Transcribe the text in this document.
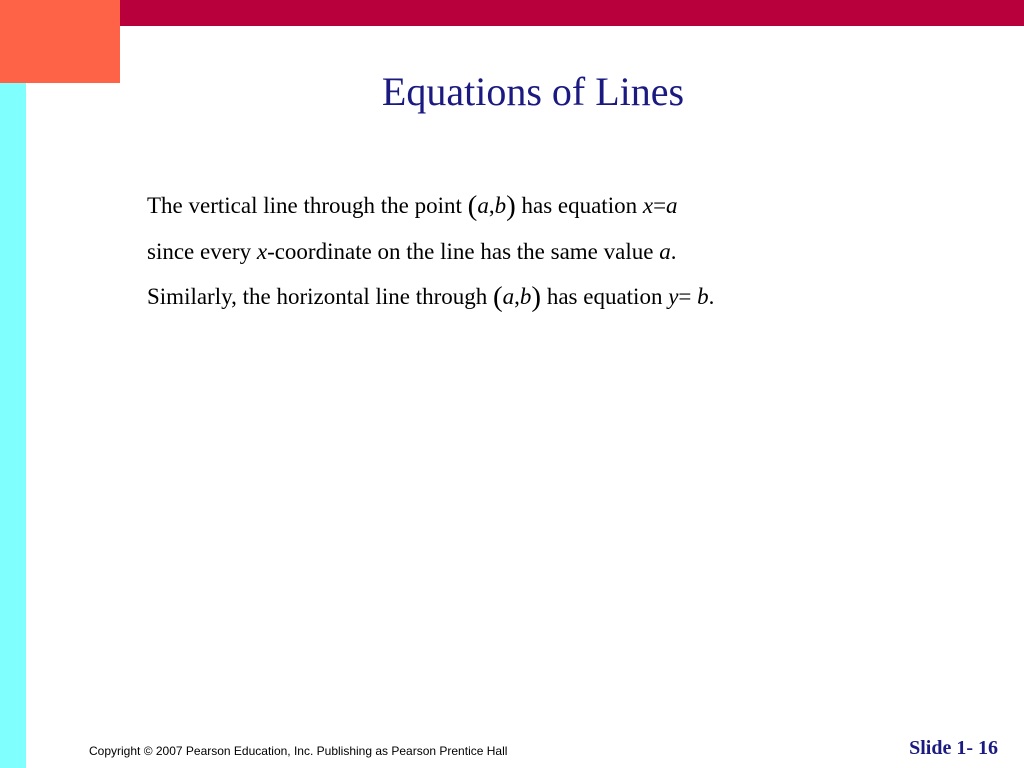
Equations of Lines
The vertical line through the point (a,b) has equation x=a
since every x-coordinate on the line has the same value a.
Similarly, the horizontal line through (a,b) has equation y= b.
Copyright © 2007 Pearson Education, Inc. Publishing as Pearson Prentice Hall	Slide 1- 16
